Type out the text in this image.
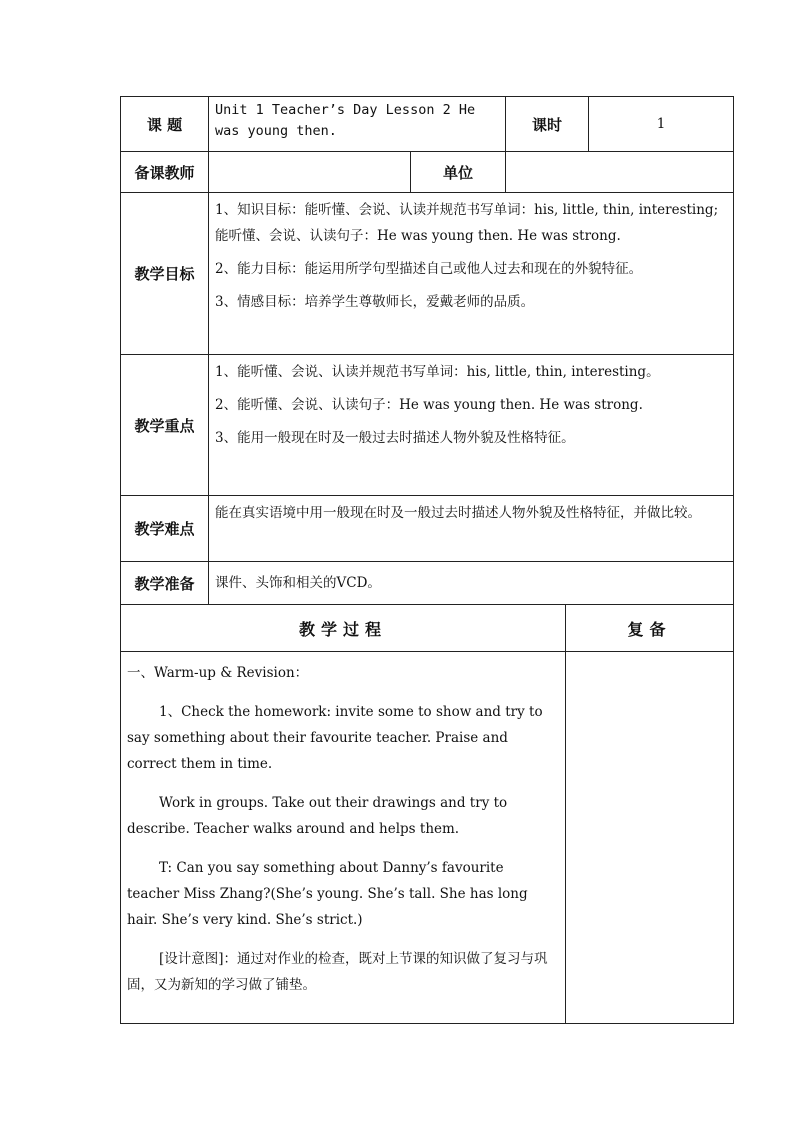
课 题	Unit 1 Teacher’s Day Lesson 2 He was young then.		课时	1
备课教师		单位		
教学目标	1、知识目标：能听懂、会说、认读并规范书写单词：his, little, thin, interesting; 能听懂、会说、认读句子：He was young then. He was strong.

2、能力目标：能运用所学句型描述自己或他人过去和现在的外貌特征。

3、情感目标：培养学生尊敬师长，爱戴老师的品质。			

教学重点	1、能听懂、会说、认读并规范书写单词：his, little, thin, interesting。

2、能听懂、会说、认读句子：He was young then. He was strong.

3、能用一般现在时及一般过去时描述人物外貌及性格特征。			

教学难点	能在真实语境中用一般现在时及一般过去时描述人物外貌及性格特征，并做比较。			
教学准备	课件、头饰和相关的VCD。			
教学过程	复备

一、Warm-up & Revision：

1、Check the homework: invite some to show and try to say something about their favourite teacher. Praise and correct them in time.

Work in groups. Take out their drawings and try to describe. Teacher walks around and helps them.

T: Can you say something about Danny’s favourite teacher Miss Zhang?(She’s young. She’s tall. She has long hair. She’s very kind. She’s strict.)

[设计意图]：通过对作业的检查，既对上节课的知识做了复习与巩固，又为新知的学习做了铺垫。	
